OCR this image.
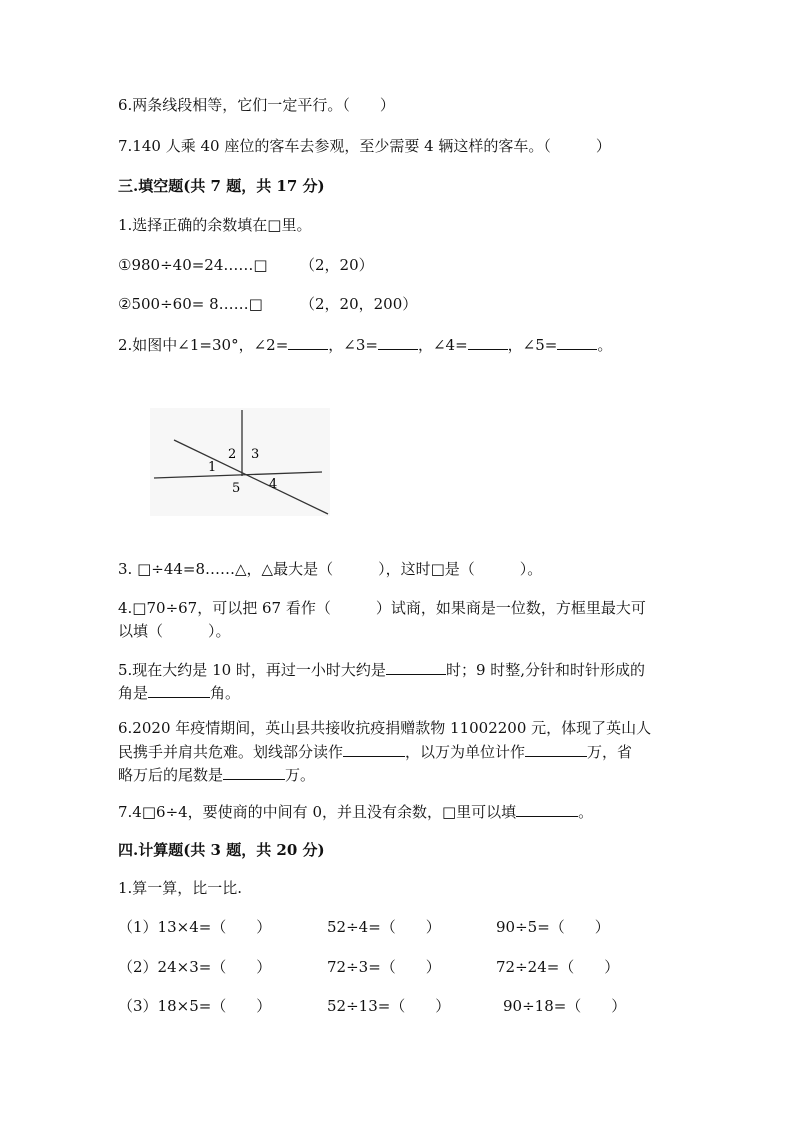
6.两条线段相等，它们一定平行。（　　）
7.140 人乘 40 座位的客车去参观，至少需要 4 辆这样的客车。（　　　）
三.填空题(共 7 题，共 17 分)
1.选择正确的余数填在□里。
①980÷40=24……□ （2，20）
②500÷60= 8……□ （2，20，200）
2.如图中∠1=30°，∠2=	，∠3=	，∠4=	，∠5=	。
1
2 3
5 4
3. □÷44=8……△，△最大是（　　　），这时□是（　　　）。
4.□70÷67，可以把 67 看作（　　　）试商，如果商是一位数，方框里最大可
以填（　　　）。
5.现在大约是 10 时，再过一小时大约是	时；9 时整,分针和时针形成的
角是	角。
6.2020 年疫情期间，英山县共接收抗疫捐赠款物 11002200 元，体现了英山人
民携手并肩共危难。划线部分读作	，以万为单位计作	万，省
略万后的尾数是	万。
7.4□6÷4，要使商的中间有 0，并且没有余数，□里可以填	。
四.计算题(共 3 题，共 20 分)
1.算一算，比一比.
（1）13×4=（　　）	52÷4=（　　）	90÷5=（　　）
（2）24×3=（　　）	72÷3=（　　）	72÷24=（　　）
（3）18×5=（　　）	52÷13=（　　）	90÷18=（　　）
